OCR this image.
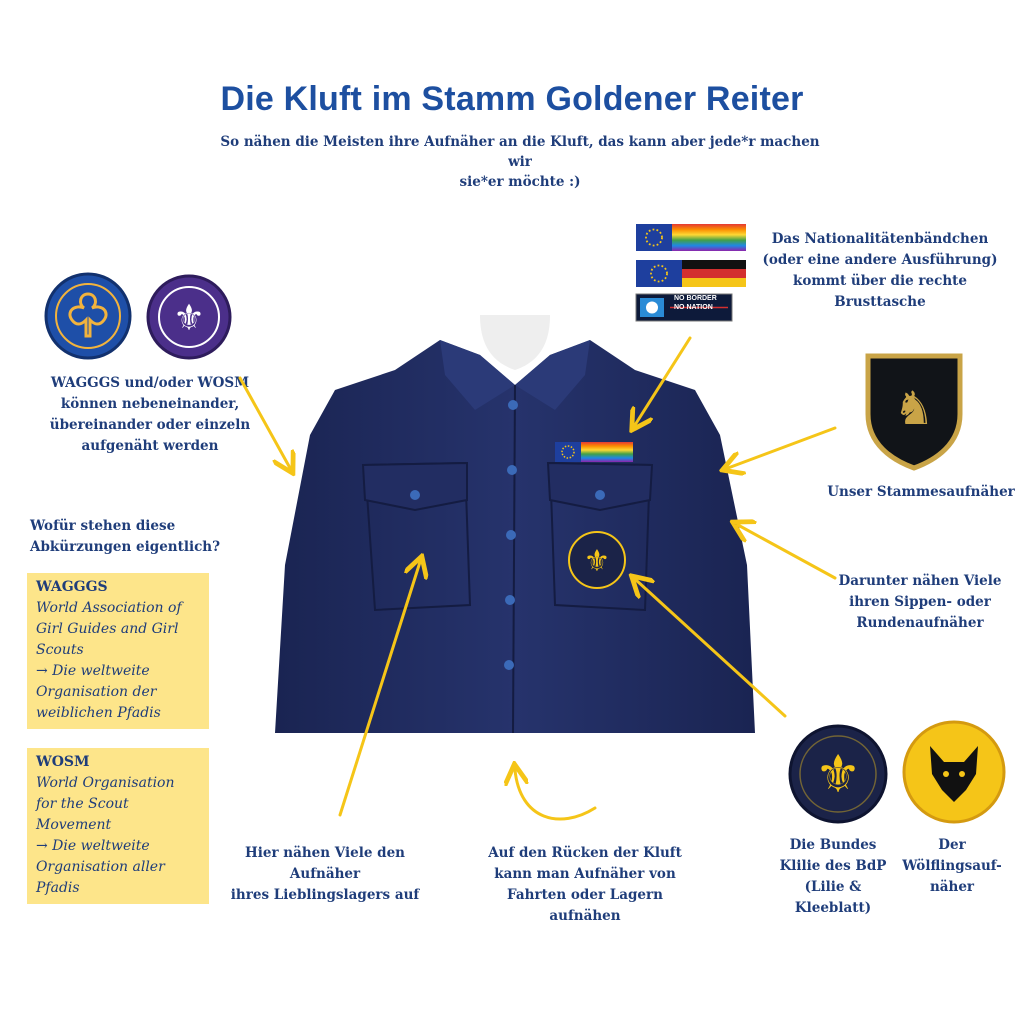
Die Kluft im Stamm Goldener Reiter
So nähen die Meisten ihre Aufnäher an die Kluft, das kann aber jede*r machen wir
sie*er möchte :)
⚜
⚜
WAGGGS und/oder WOSM
können nebeneinander,
übereinander oder einzeln
aufgenäht werden
Wofür stehen diese
Abkürzungen eigentlich?
WAGGGS
World Association of
Girl Guides and Girl
Scouts
→ Die weltweite
Organisation der
weiblichen Pfadis
WOSM
World Organisation
for the Scout
Movement
→ Die weltweite
Organisation aller
Pfadis
NO BORDER
NO NATION
Das Nationalitätenbändchen
(oder eine andere Ausführung)
kommt über die rechte
Brusttasche
♞
Unser Stammesaufnäher
Darunter nähen Viele
ihren Sippen- oder
Rundenaufnäher
⚜
Die Bundes
Klilie des BdP
(Lilie &
Kleeblatt)
Der
Wölflingsauf-
näher
Hier nähen Viele den
Aufnäher
ihres Lieblingslagers auf
Auf den Rücken der Kluft
kann man Aufnäher von
Fahrten oder Lagern
aufnähen
